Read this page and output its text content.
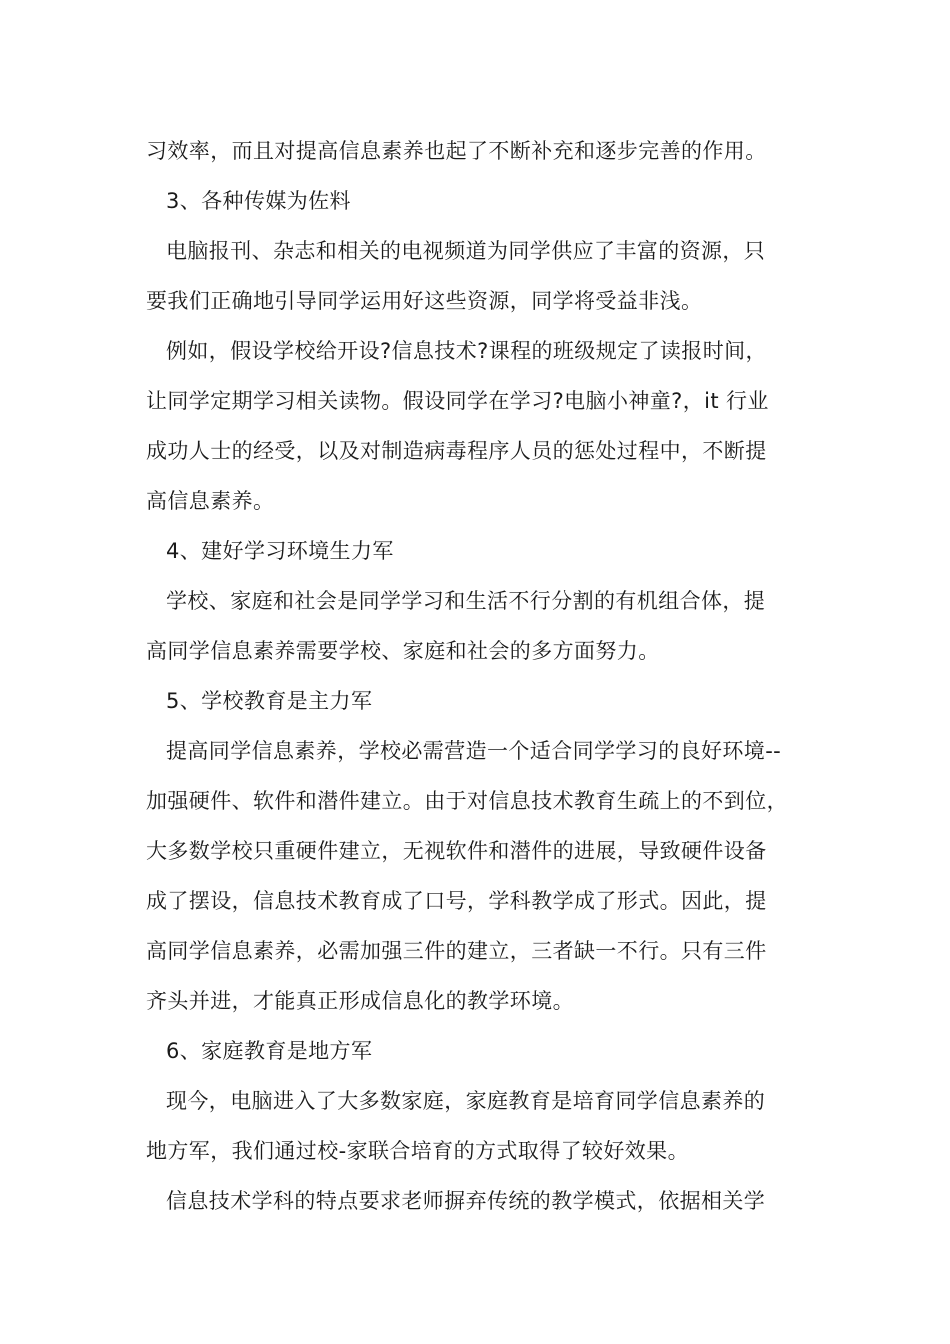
习效率，而且对提高信息素养也起了不断补充和逐步完善的作用。
3、各种传媒为佐料
电脑报刊、杂志和相关的电视频道为同学供应了丰富的资源，只
要我们正确地引导同学运用好这些资源，同学将受益非浅。
例如，假设学校给开设?信息技术?课程的班级规定了读报时间，
让同学定期学习相关读物。假设同学在学习?电脑小神童?，it 行业
成功人士的经受，以及对制造病毒程序人员的惩处过程中，不断提
高信息素养。
4、建好学习环境生力军
学校、家庭和社会是同学学习和生活不行分割的有机组合体，提
高同学信息素养需要学校、家庭和社会的多方面努力。
5、学校教育是主力军
提高同学信息素养，学校必需营造一个适合同学学习的良好环境--
加强硬件、软件和潜件建立。由于对信息技术教育生疏上的不到位，
大多数学校只重硬件建立，无视软件和潜件的进展，导致硬件设备
成了摆设，信息技术教育成了口号，学科教学成了形式。因此，提
高同学信息素养，必需加强三件的建立，三者缺一不行。只有三件
齐头并进，才能真正形成信息化的教学环境。
6、家庭教育是地方军
现今，电脑进入了大多数家庭，家庭教育是培育同学信息素养的
地方军，我们通过校-家联合培育的方式取得了较好效果。
信息技术学科的特点要求老师摒弃传统的教学模式，依据相关学
